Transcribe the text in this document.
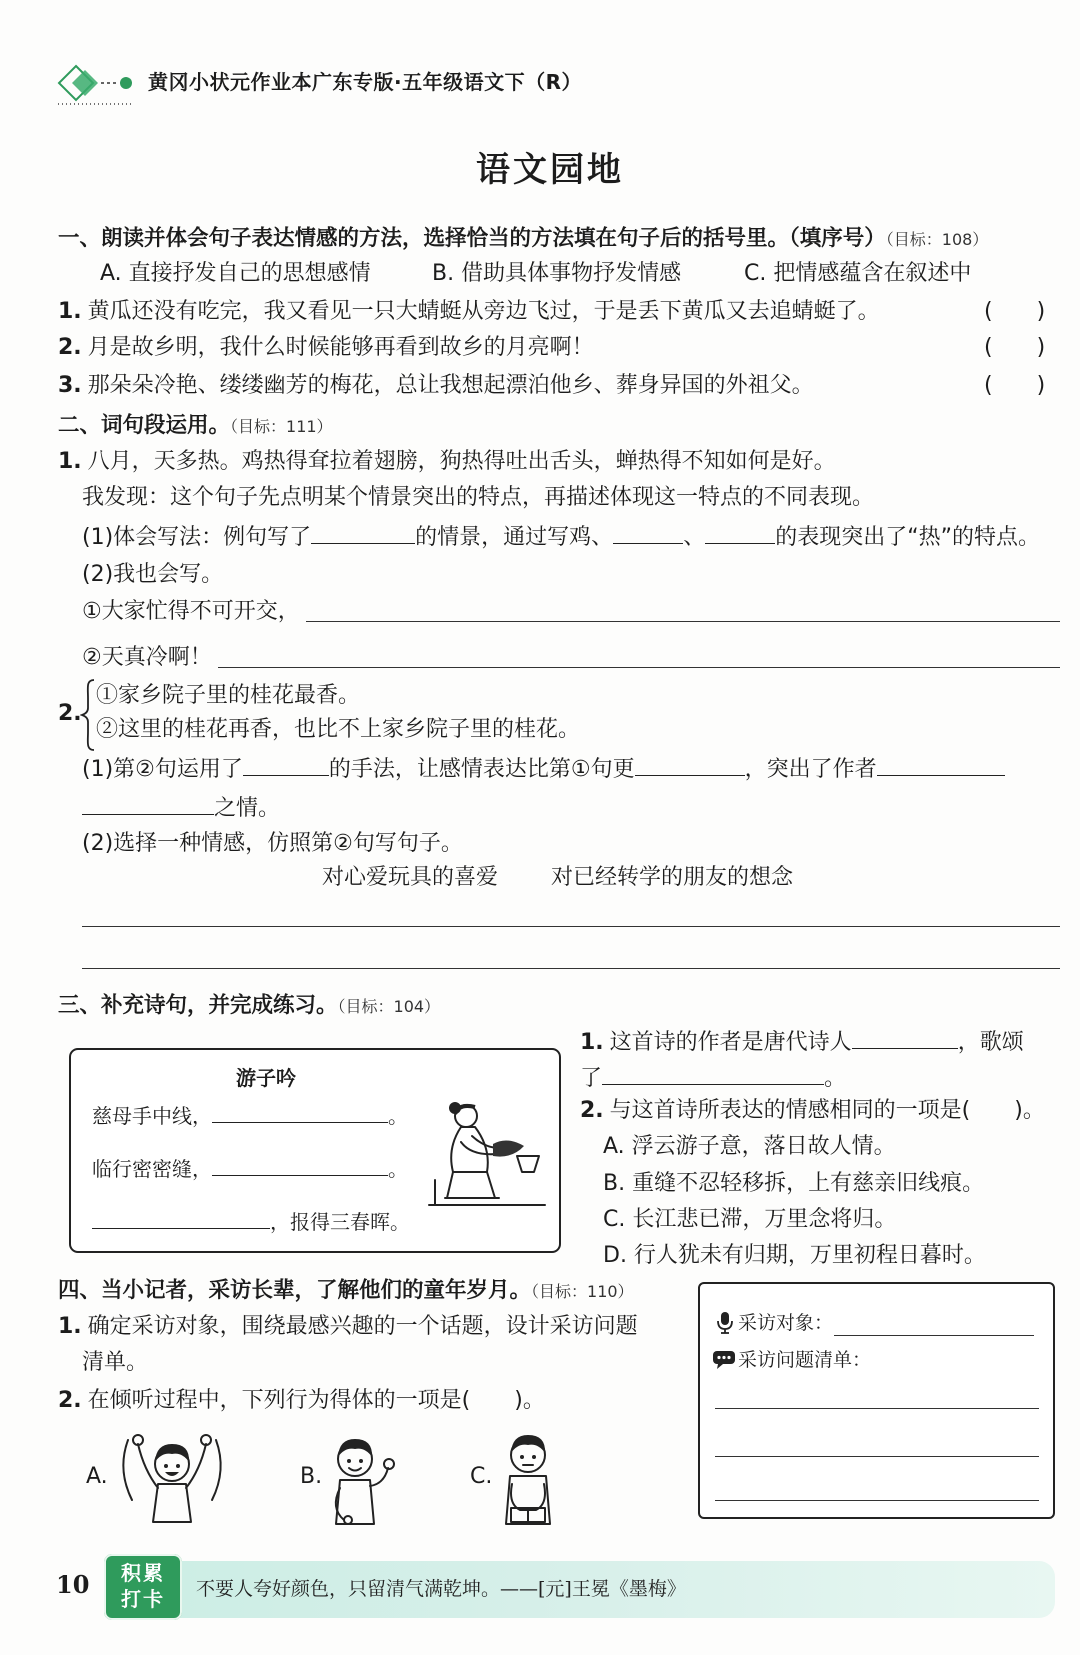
黄冈小状元作业本广东专版·五年级语文下（R）
语文园地
一、朗读并体会句子表达情感的方法，选择恰当的方法填在句子后的括号里。（填序号）（目标：108）
A. 直接抒发自己的思想感情	B. 借助具体事物抒发情感	C. 把情感蕴含在叙述中
1. 黄瓜还没有吃完，我又看见一只大蜻蜓从旁边飞过，于是丢下黄瓜又去追蜻蜓了。	(　　)
2. 月是故乡明，我什么时候能够再看到故乡的月亮啊！	(　　)
3. 那朵朵冷艳、缕缕幽芳的梅花，总让我想起漂泊他乡、葬身异国的外祖父。	(　　)
二、词句段运用。（目标：111）
1. 八月，天多热。鸡热得耷拉着翅膀，狗热得吐出舌头，蝉热得不知如何是好。
我发现：这个句子先点明某个情景突出的特点，再描述体现这一特点的不同表现。
(1)体会写法：例句写了	的情景，通过写鸡、	、	的表现突出了“热”的特点。
(2)我也会写。
①大家忙得不可开交，
②天真冷啊！
2.
①家乡院子里的桂花最香。
②这里的桂花再香，也比不上家乡院子里的桂花。
(1)第②句运用了	的手法，让感情表达比第①句更	，突出了作者
之情。
(2)选择一种情感，仿照第②句写句子。
对心爱玩具的喜爱 对已经转学的朋友的想念
三、补充诗句，并完成练习。（目标：104）
游子吟
慈母手中线，	。
临行密密缝，	。
，报得三春晖。
1. 这首诗的作者是唐代诗人	，歌颂
了	。
2. 与这首诗所表达的情感相同的一项是(　　)。
A. 浮云游子意，落日故人情。
B. 重缝不忍轻移拆，上有慈亲旧线痕。
C. 长江悲已滞，万里念将归。
D. 行人犹未有归期，万里初程日暮时。
四、当小记者，采访长辈，了解他们的童年岁月。（目标：110）
1. 确定采访对象，围绕最感兴趣的一个话题，设计采访问题
清单。
2. 在倾听过程中，下列行为得体的一项是(　　)。
A.	B.	C.
采访对象：
采访问题清单：
10	积累
打卡	不要人夸好颜色，只留清气满乾坤。——[元]王冕《墨梅》
